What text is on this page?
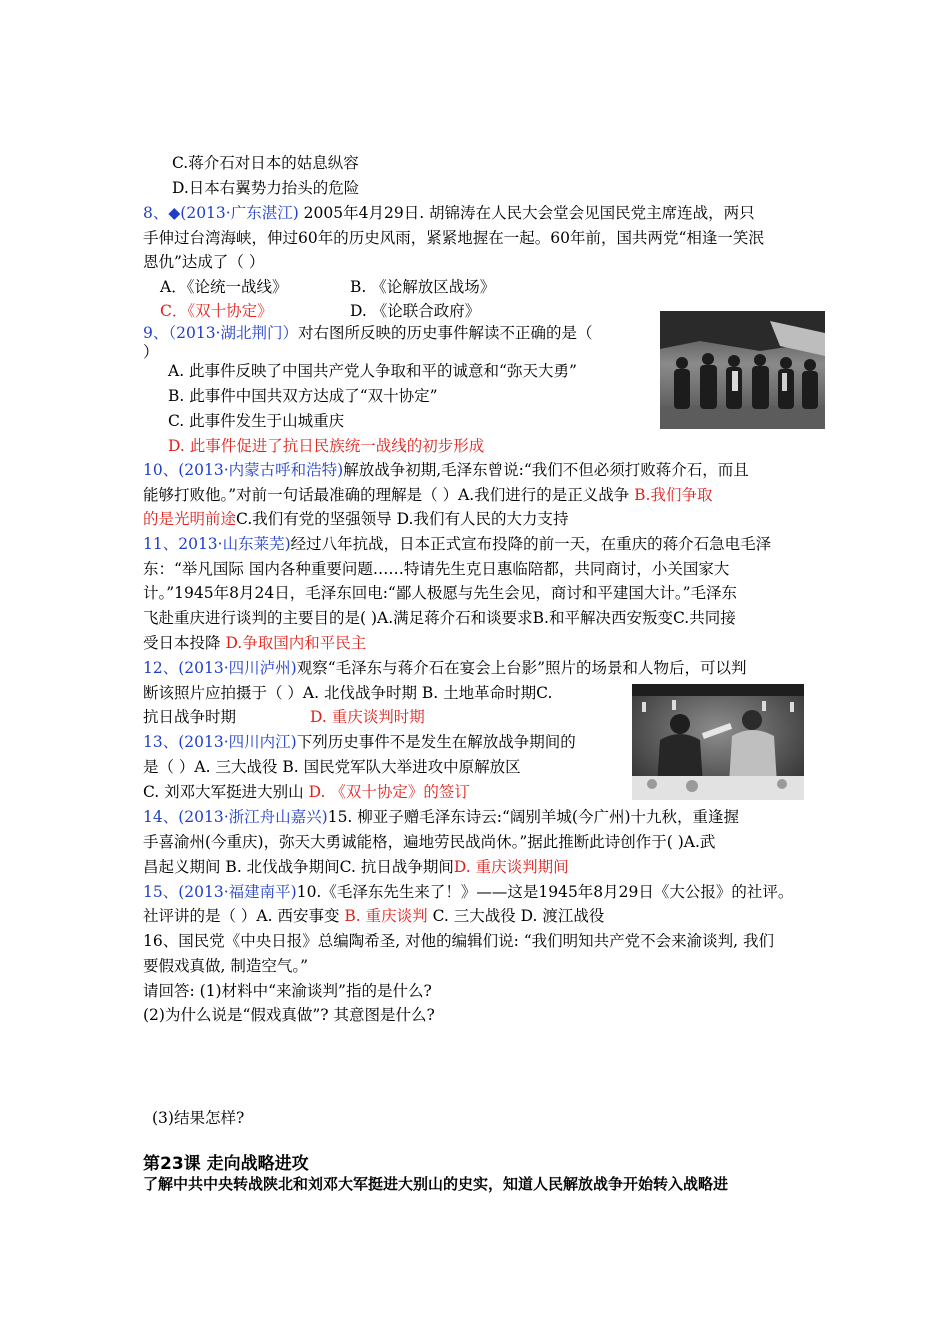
C.蒋介石对日本的姑息纵容
D.日本右翼势力抬头的危险
8、◆(2013·广东湛江) 2005年4月29日. 胡锦涛在人民大会堂会见国民党主席连战，两只
手伸过台湾海峡，伸过60年的历史风雨，紧紧地握在一起。60年前，国共两党“相逢一笑泯
恩仇”达成了（ ）
A．《论统一战线》	B. 《论解放区战场》
C．《双十协定》	D. 《论联合政府》
9、（2013·湖北荆门）对右图所反映的历史事件解读不正确的是（
）
A. 此事件反映了中国共产党人争取和平的诚意和“弥天大勇”
B. 此事件中国共双方达成了“双十协定”
C. 此事件发生于山城重庆
D. 此事件促进了抗日民族统一战线的初步形成
10、(2013·内蒙古呼和浩特)解放战争初期,毛泽东曾说:“我们不但必须打败蒋介石，而且
能够打败他。”对前一句话最准确的理解是（ ）A.我们进行的是正义战争 B.我们争取
的是光明前途C.我们有党的坚强领导 D.我们有人民的大力支持
11、2013·山东莱芜)经过八年抗战，日本正式宣布投降的前一天，在重庆的蒋介石急电毛泽
东：“举凡国际 国内各种重要问题……特请先生克日惠临陪都，共同商讨，小关国家大
计。”1945年8月24日，毛泽东回电:“鄙人极愿与先生会见，商讨和平建国大计。”毛泽东
飞赴重庆进行谈判的主要目的是( )A.满足蒋介石和谈要求B.和平解决西安叛变C.共同接
受日本投降 D.争取国内和平民主
12、(2013·四川泸州)观察“毛泽东与蒋介石在宴会上台影”照片的场景和人物后，可以判
断该照片应拍摄于（ ）A. 北伐战争时期 B. 土地革命时期C.
抗日战争时期	D. 重庆谈判时期
13、(2013·四川内江)下列历史事件不是发生在解放战争期间的
是（ ）A. 三大战役 B. 国民党军队大举进攻中原解放区
C. 刘邓大军挺进大别山 D. 《双十协定》的签订
14、(2013·浙江舟山嘉兴)15. 柳亚子赠毛泽东诗云:“阔别羊城(今广州)十九秋，重逢握
手喜渝州(今重庆)，弥天大勇诚能格，遍地劳民战尚休。”据此推断此诗创作于( )A.武
昌起义期间 B. 北伐战争期间C. 抗日战争期间D. 重庆谈判期间
15、(2013·福建南平)10.《毛泽东先生来了！》——这是1945年8月29日《大公报》的社评。
社评讲的是（ ）A. 西安事变 B. 重庆谈判 C. 三大战役 D. 渡江战役
16、国民党《中央日报》总编陶希圣, 对他的编辑们说: “我们明知共产党不会来渝谈判, 我们
要假戏真做, 制造空气。”
请回答: (1)材料中“来渝谈判”指的是什么?
(2)为什么说是“假戏真做”? 其意图是什么?
(3)结果怎样?
第23课 走向战略进攻
了解中共中央转战陕北和刘邓大军挺进大别山的史实，知道人民解放战争开始转入战略进
